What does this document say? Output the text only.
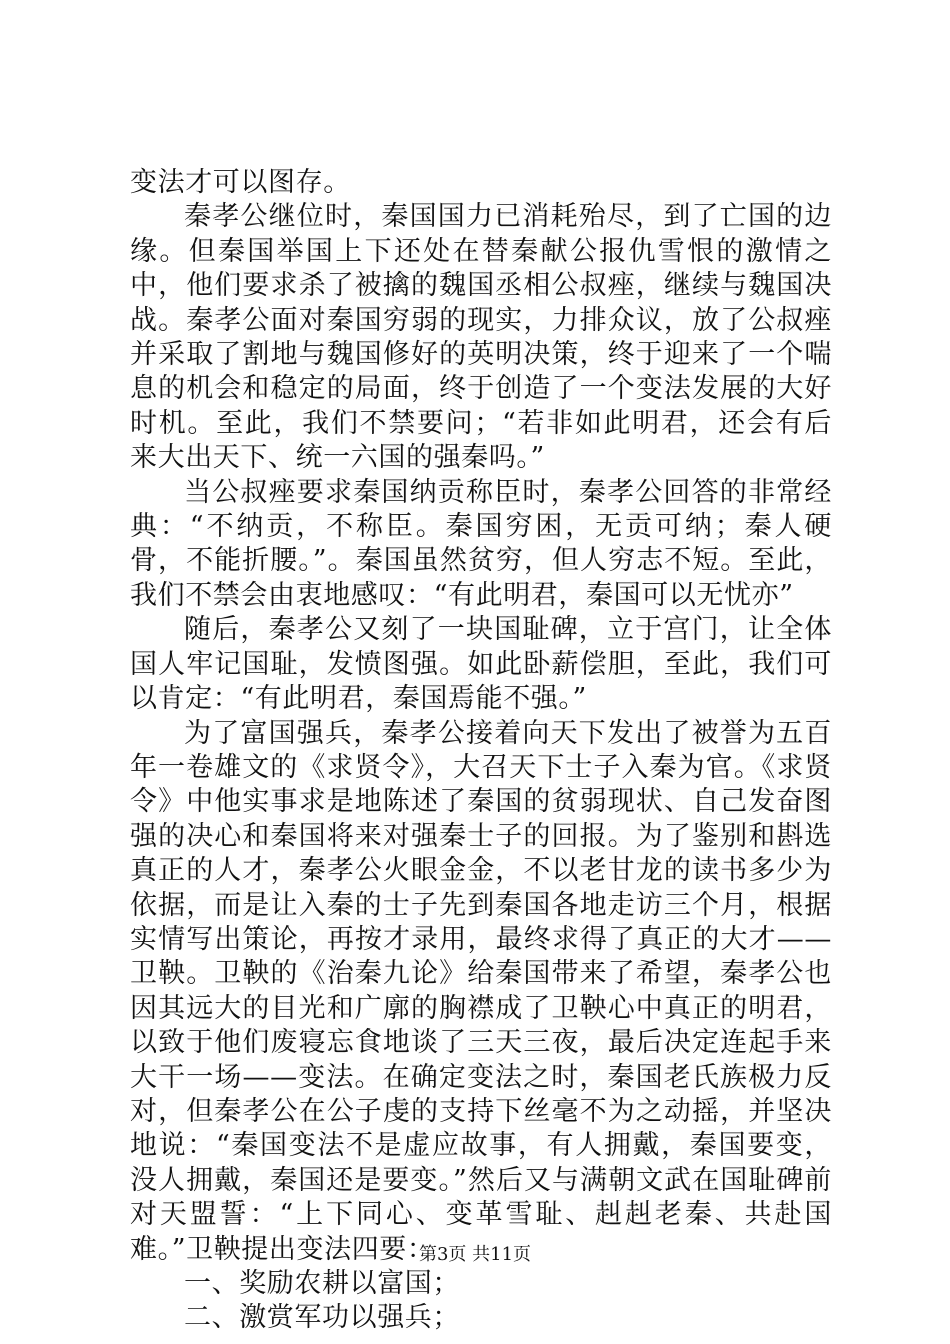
变法才可以图存。

秦孝公继位时，秦国国力已消耗殆尽，到了亡国的边缘。但秦国举国上下还处在替秦献公报仇雪恨的激情之中，他们要求杀了被擒的魏国丞相公叔痤，继续与魏国决战。秦孝公面对秦国穷弱的现实，力排众议，放了公叔痤并采取了割地与魏国修好的英明决策，终于迎来了一个喘息的机会和稳定的局面，终于创造了一个变法发展的大好时机。至此，我们不禁要问；“若非如此明君，还会有后来大出天下、统一六国的强秦吗。”

当公叔痤要求秦国纳贡称臣时，秦孝公回答的非常经典：“不纳贡，不称臣。秦国穷困，无贡可纳；秦人硬骨，不能折腰。”。秦国虽然贫穷，但人穷志不短。至此，我们不禁会由衷地感叹：“有此明君，秦国可以无忧亦”

随后，秦孝公又刻了一块国耻碑，立于宫门，让全体国人牢记国耻，发愤图强。如此卧薪偿胆，至此，我们可以肯定：“有此明君，秦国焉能不强。”

为了富国强兵，秦孝公接着向天下发出了被誉为五百年一卷雄文的《求贤令》，大召天下士子入秦为官。《求贤令》中他实事求是地陈述了秦国的贫弱现状、自己发奋图强的决心和秦国将来对强秦士子的回报。为了鉴别和斟选真正的人才，秦孝公火眼金金，不以老甘龙的读书多少为依据，而是让入秦的士子先到秦国各地走访三个月，根据实情写出策论，再按才录用，最终求得了真正的大才——卫鞅。卫鞅的《治秦九论》给秦国带来了希望，秦孝公也因其远大的目光和广廓的胸襟成了卫鞅心中真正的明君，以致于他们废寝忘食地谈了三天三夜，最后决定连起手来大干一场——变法。在确定变法之时，秦国老氏族极力反对，但秦孝公在公子虔的支持下丝毫不为之动摇，并坚决地说：“秦国变法不是虚应故事，有人拥戴，秦国要变，没人拥戴，秦国还是要变。”然后又与满朝文武在国耻碑前对天盟誓：“上下同心、变革雪耻、赳赳老秦、共赴国难。”卫鞅提出变法四要：

一、奖励农耕以富国；

二、激赏军功以强兵；

第3页 共11页
